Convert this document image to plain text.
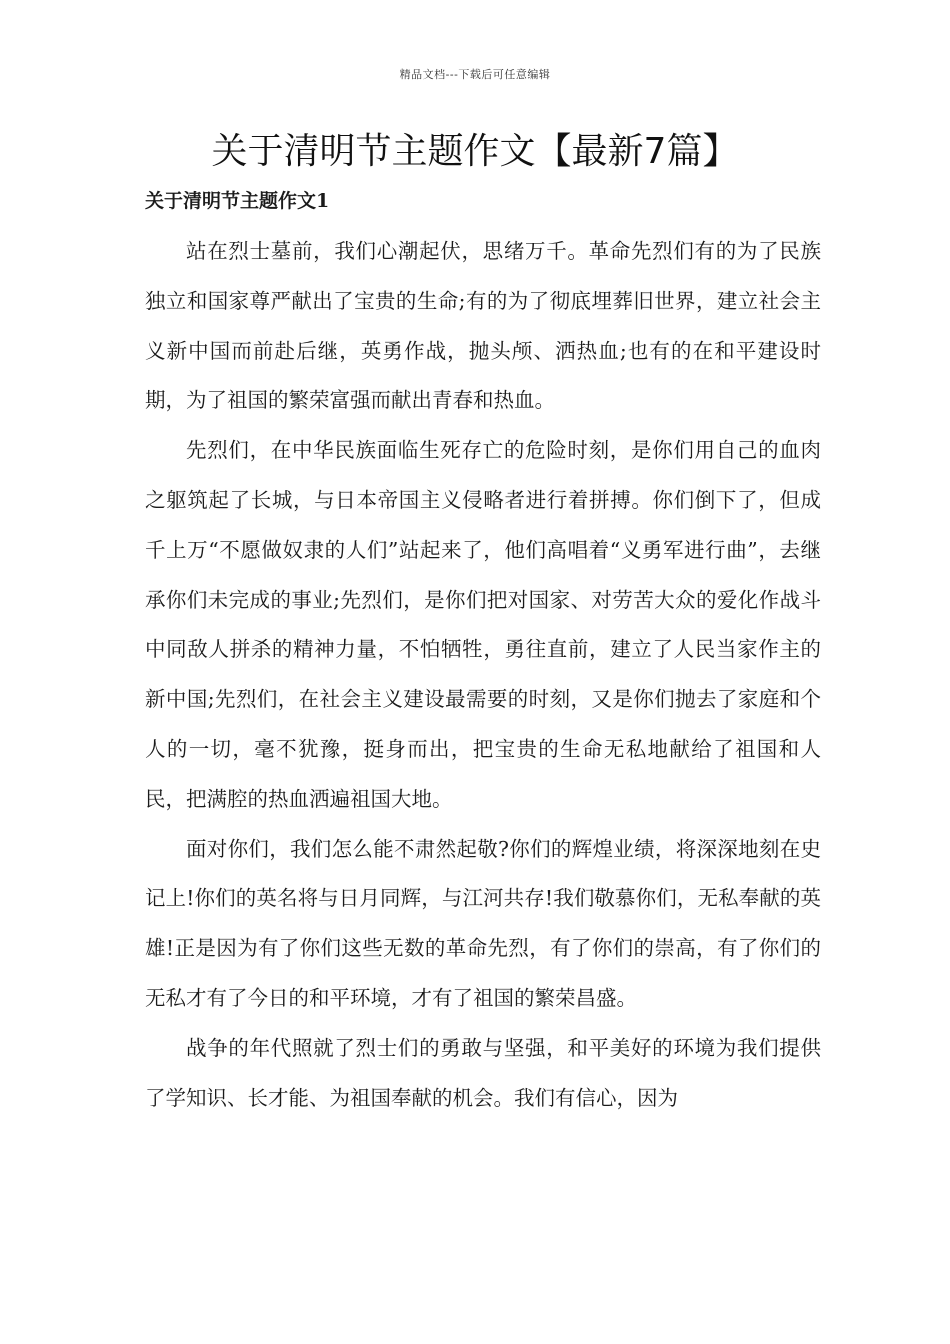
精品文档---下载后可任意编辑
关于清明节主题作文【最新7篇】
关于清明节主题作文1

站在烈士墓前，我们心潮起伏，思绪万千。革命先烈们有的为了民族独立和国家尊严献出了宝贵的生命;有的为了彻底埋葬旧世界，建立社会主义新中国而前赴后继，英勇作战，抛头颅、洒热血;也有的在和平建设时期，为了祖国的繁荣富强而献出青春和热血。

先烈们，在中华民族面临生死存亡的危险时刻，是你们用自己的血肉之躯筑起了长城，与日本帝国主义侵略者进行着拼搏。你们倒下了，但成千上万“不愿做奴隶的人们”站起来了，他们高唱着“义勇军进行曲”，去继承你们未完成的事业;先烈们，是你们把对国家、对劳苦大众的爱化作战斗中同敌人拼杀的精神力量，不怕牺牲，勇往直前，建立了人民当家作主的新中国;先烈们，在社会主义建设最需要的时刻，又是你们抛去了家庭和个人的一切，毫不犹豫，挺身而出，把宝贵的生命无私地献给了祖国和人民，把满腔的热血洒遍祖国大地。

面对你们，我们怎么能不肃然起敬?你们的辉煌业绩，将深深地刻在史记上!你们的英名将与日月同辉，与江河共存!我们敬慕你们，无私奉献的英雄!正是因为有了你们这些无数的革命先烈，有了你们的崇高，有了你们的无私才有了今日的和平环境，才有了祖国的繁荣昌盛。

战争的年代照就了烈士们的勇敢与坚强，和平美好的环境为我们提供了学知识、长才能、为祖国奉献的机会。我们有信心，因为
